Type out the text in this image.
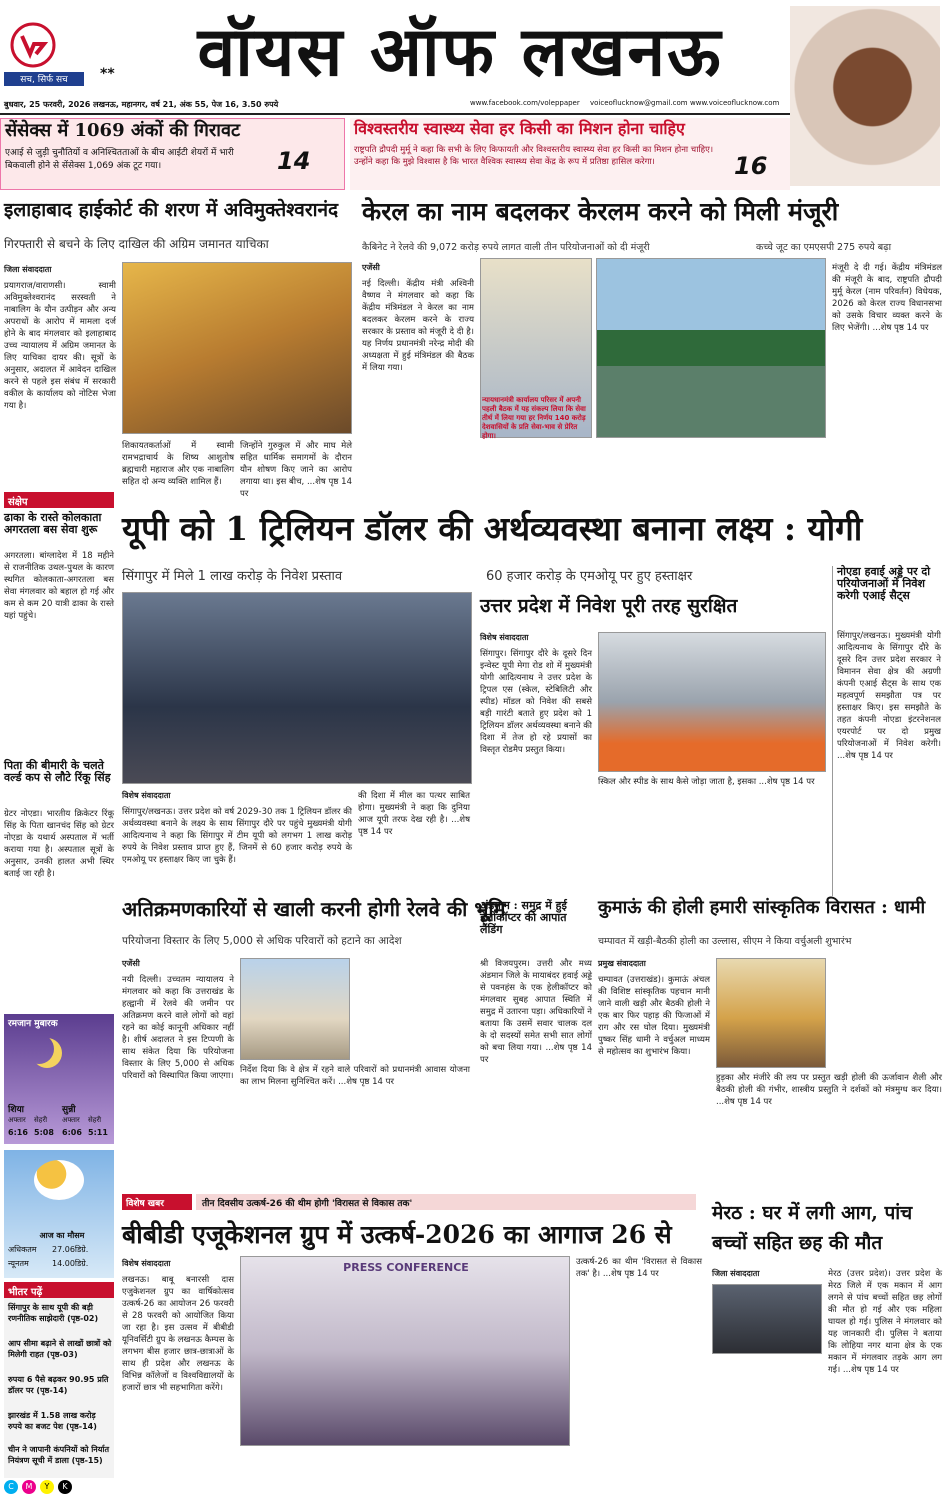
सच, सिर्फ सच	**	वॉयस ऑफ लखनऊ
बुधवार, 25 फरवरी, 2026 लखनऊ, महानगर, वर्ष 21, अंक 55, पेज 16, 3.50 रुपये	www.facebook.com/voleppaper voiceoflucknow@gmail.com www.voiceoflucknow.com
सेंसेक्स में 1069 अंकों की गिरावट
एआई से जुड़ी चुनौतियों व अनिश्चितताओं के बीच आईटी शेयरों में भारी बिकवाली होने से सेंसेक्स 1,069 अंक टूट गया।	14
विश्वस्तरीय स्वास्थ्य सेवा हर किसी का मिशन होना चाहिए
राष्ट्रपति द्रौपदी मुर्मू ने कहा कि सभी के लिए किफायती और विश्वस्तरीय स्वास्थ्य सेवा हर किसी का मिशन होना चाहिए। उन्होंने कहा कि मुझे विश्वास है कि भारत वैश्विक स्वास्थ्य सेवा केंद्र के रूप में प्रतिष्ठा हासिल करेगा।	16
इलाहाबाद हाईकोर्ट की शरण में अविमुक्तेश्वरानंद
गिरफ्तारी से बचने के लिए दाखिल की अग्रिम जमानत याचिका
जिला संवाददाता
प्रयागराज/वाराणसी। स्वामी अविमुक्तेश्वरानंद सरस्वती ने नाबालिग के यौन उत्पीड़न और अन्य अपराधों के आरोप में मामला दर्ज होने के बाद मंगलवार को इलाहाबाद उच्च न्यायालय में अग्रिम जमानत के लिए याचिका दायर की। सूत्रों के अनुसार, अदालत में आवेदन दाखिल करने से पहले इस संबंध में सरकारी वकील के कार्यालय को नोटिस भेजा गया है।
शिकायतकर्ताओं में स्वामी रामभद्राचार्य के शिष्य आशुतोष ब्रह्मचारी महाराज और एक नाबालिग सहित दो अन्य व्यक्ति शामिल हैं।
जिन्होंने गुरुकुल में और माघ मेले सहित धार्मिक समागमों के दौरान यौन शोषण किए जाने का आरोप लगाया था। इस बीच, ...शेष पृष्ठ 14 पर
केरल का नाम बदलकर केरलम करने को मिली मंजूरी
कैबिनेट ने रेलवे की 9,072 करोड़ रुपये लागत वाली तीन परियोजनाओं को दी मंजूरी	कच्चे जूट का एमएसपी 275 रुपये बढ़ा
एजेंसी
नई दिल्ली। केंद्रीय मंत्री अश्विनी वैष्णव ने मंगलवार को कहा कि केंद्रीय मंत्रिमंडल ने केरल का नाम बदलकर केरलम करने के राज्य सरकार के प्रस्ताव को मंजूरी दे दी है। यह निर्णय प्रधानमंत्री नरेन्द्र मोदी की अध्यक्षता में हुई मंत्रिमंडल की बैठक में लिया गया।
न्यायधानमंत्री कार्यालय परिसर में अपनी पहली बैठक में यह संकल्प लिया कि सेवा तीर्थ में लिया गया हर निर्णय 140 करोड़ देशवासियों के प्रति सेवा-भाव से प्रेरित होगा।
मंजूरी दे दी गई। केंद्रीय मंत्रिमंडल की मंजूरी के बाद, राष्ट्रपति द्रौपदी मुर्मू केरल (नाम परिवर्तन) विधेयक, 2026 को केरल राज्य विधानसभा को उसके विचार व्यक्त करने के लिए भेजेंगी। ...शेष पृष्ठ 14 पर
संक्षेप
ढाका के रास्ते कोलकाता अगरतला बस सेवा शुरू
अगरतला। बांग्लादेश में 18 महीने से राजनीतिक उथल-पुथल के कारण स्थगित कोलकाता-अगरतला बस सेवा मंगलवार को बहाल हो गई और कम से कम 20 यात्री ढाका के रास्ते यहां पहुंचे।
पिता की बीमारी के चलते वर्ल्ड कप से लौटे रिंकू सिंह
ग्रेटर नोएडा। भारतीय क्रिकेटर रिंकू सिंह के पिता खानचंद सिंह को ग्रेटर नोएडा के यथार्थ अस्पताल में भर्ती कराया गया है। अस्पताल सूत्रों के अनुसार, उनकी हालत अभी स्थिर बताई जा रही है।
रमजान मुबारक
शिया	सुन्नी
अफ्तार	सेहरी	अफ्तार	सेहरी
6:16 5:08	6:06 5:11
आज का मौसम
अधिकतम	27.06डिग्रे.
न्यूनतम	14.00डिग्रे.
भीतर पढ़ें
सिंगापुर के साथ यूपी की बड़ी रणनीतिक साझेदारी (पृष्ठ-02)
आप सीमा बढ़ाने से लाखों छात्रों को मिलेगी राहत (पृष्ठ-03)
रुपया 6 पैसे बढ़कर 90.95 प्रति डॉलर पर (पृष्ठ-14)
झारखंड में 1.58 लाख करोड़ रुपये का बजट पेश (पृष्ठ-14)
चीन ने जापानी कंपनियों को निर्यात नियंत्रण सूची में डाला (पृष्ठ-15)
यूपी को 1 ट्रिलियन डॉलर की अर्थव्यवस्था बनाना लक्ष्य : योगी
सिंगापुर में मिले 1 लाख करोड़ के निवेश प्रस्ताव	60 हजार करोड़ के एमओयू पर हुए हस्ताक्षर
विशेष संवाददाता
सिंगापुर/लखनऊ। उत्तर प्रदेश को वर्ष 2029-30 तक 1 ट्रिलियन डॉलर की अर्थव्यवस्था बनाने के लक्ष्य के साथ सिंगापुर दौरे पर पहुंचे मुख्यमंत्री योगी आदित्यनाथ ने कहा कि सिंगापुर में टीम यूपी को लगभग 1 लाख करोड़ रुपये के निवेश प्रस्ताव प्राप्त हुए हैं, जिनमें से 60 हजार करोड़ रुपये के एमओयू पर हस्ताक्षर किए जा चुके हैं।
की दिशा में मील का पत्थर साबित होगा। मुख्यमंत्री ने कहा कि दुनिया आज यूपी तरफ देख रही है। ...शेष पृष्ठ 14 पर
उत्तर प्रदेश में निवेश पूरी तरह सुरक्षित
विशेष संवाददाता
सिंगापुर। सिंगापुर दौरे के दूसरे दिन इन्वेस्ट यूपी मेगा रोड शो में मुख्यमंत्री योगी आदित्यनाथ ने उत्तर प्रदेश के ट्रिपल एस (स्केल, स्टेबिलिटी और स्पीड) मॉडल को निवेश की सबसे बड़ी गारंटी बताते हुए प्रदेश को 1 ट्रिलियन डॉलर अर्थव्यवस्था बनाने की दिशा में तेज हो रहे प्रयासों का विस्तृत रोडमैप प्रस्तुत किया।
स्किल और स्पीड के साथ कैसे जोड़ा जाता है, इसका ...शेष पृष्ठ 14 पर
नोएडा हवाई अड्डे पर दो परियोजनाओं में निवेश करेगी एआई सैट्स
सिंगापुर/लखनऊ। मुख्यमंत्री योगी आदित्यनाथ के सिंगापुर दौरे के दूसरे दिन उत्तर प्रदेश सरकार ने विमानन सेवा क्षेत्र की अग्रणी कंपनी एआई सैट्स के साथ एक महत्वपूर्ण समझौता पत्र पर हस्ताक्षर किए। इस समझौते के तहत कंपनी नोएडा इंटरनेशनल एयरपोर्ट पर दो प्रमुख परियोजनाओं में निवेश करेगी। ...शेष पृष्ठ 14 पर
अतिक्रमणकारियों से खाली करनी होगी रेलवे की भूमि
परियोजना विस्तार के लिए 5,000 से अधिक परिवारों को हटाने का आदेश
एजेंसी
नयी दिल्ली। उच्चतम न्यायालय ने मंगलवार को कहा कि उत्तराखंड के हल्द्वानी में रेलवे की जमीन पर अतिक्रमण करने वाले लोगों को वहां रहने का कोई कानूनी अधिकार नहीं है। शीर्ष अदालत ने इस टिप्पणी के साथ संकेत दिया कि परियोजना विस्तार के लिए 5,000 से अधिक परिवारों को विस्थापित किया जाएगा।
निर्देश दिया कि वे क्षेत्र में रहने वाले परिवारों को प्रधानमंत्री आवास योजना का लाभ मिलना सुनिश्चित करें। ...शेष पृष्ठ 14 पर
अंडमान : समुद्र में हुई हेलीकॉप्टर की आपात लैंडिंग
श्री विजयपुरम। उत्तरी और मध्य अंडमान जिले के मायाबंदर हवाई अड्डे से पवनहंस के एक हेलीकॉप्टर को मंगलवार सुबह आपात स्थिति में समुद्र में उतारना पड़ा। अधिकारियों ने बताया कि उसमें सवार चालक दल के दो सदस्यों समेत सभी सात लोगों को बचा लिया गया। ...शेष पृष्ठ 14 पर
कुमाऊं की होली हमारी सांस्कृतिक विरासत : धामी
चम्पावत में खड़ी-बैठकी होली का उल्लास, सीएम ने किया वर्चुअली शुभारंभ
प्रमुख संवाददाता
चम्पावत (उत्तराखंड)। कुमाऊं अंचल की विशिष्ट सांस्कृतिक पहचान मानी जाने वाली खड़ी और बैठकी होली ने एक बार फिर पहाड़ की फिजाओं में राग और रस घोल दिया। मुख्यमंत्री पुष्कर सिंह धामी ने वर्चुअल माध्यम से महोत्सव का शुभारंभ किया।
हुड़का और मंजीरे की लय पर प्रस्तुत खड़ी होली की ऊर्जावान शैली और बैठकी होली की गंभीर, शास्त्रीय प्रस्तुति ने दर्शकों को मंत्रमुग्ध कर दिया। ...शेष पृष्ठ 14 पर
विशेष खबर	तीन दिवसीय उत्कर्ष-26 की थीम होगी 'विरासत से विकास तक'
बीबीडी एजूकेशनल ग्रुप में उत्कर्ष-2026 का आगाज 26 से
विशेष संवाददाता
लखनऊ। बाबू बनारसी दास एजुकेशनल ग्रुप का वार्षिकोत्सव उत्कर्ष-26 का आयोजन 26 फरवरी से 28 फरवरी को आयोजित किया जा रहा है। इस उत्सव में बीबीडी यूनिवर्सिटी ग्रुप के लखनऊ कैम्पस के लगभग बीस हजार छात्र-छात्राओं के साथ ही प्रदेश और लखनऊ के विभिन्न कॉलेजों व विश्वविद्यालयों के हजारों छात्र भी सहभागिता करेंगे।
PRESS CONFERENCE	उत्कर्ष-26 का थीम 'विरासत से विकास तक' है। ...शेष पृष्ठ 14 पर
मेरठ : घर में लगी आग, पांच बच्चों सहित छह की मौत
जिला संवाददाता	मेरठ (उत्तर प्रदेश)। उत्तर प्रदेश के मेरठ जिले में एक मकान में आग लगने से पांच बच्चों सहित छह लोगों की मौत हो गई और एक महिला घायल हो गई। पुलिस ने मंगलवार को यह जानकारी दी। पुलिस ने बताया कि लोहिया नगर थाना क्षेत्र के एक मकान में मंगलवार तड़के आग लग गई। ...शेष पृष्ठ 14 पर
C	M	Y	K
